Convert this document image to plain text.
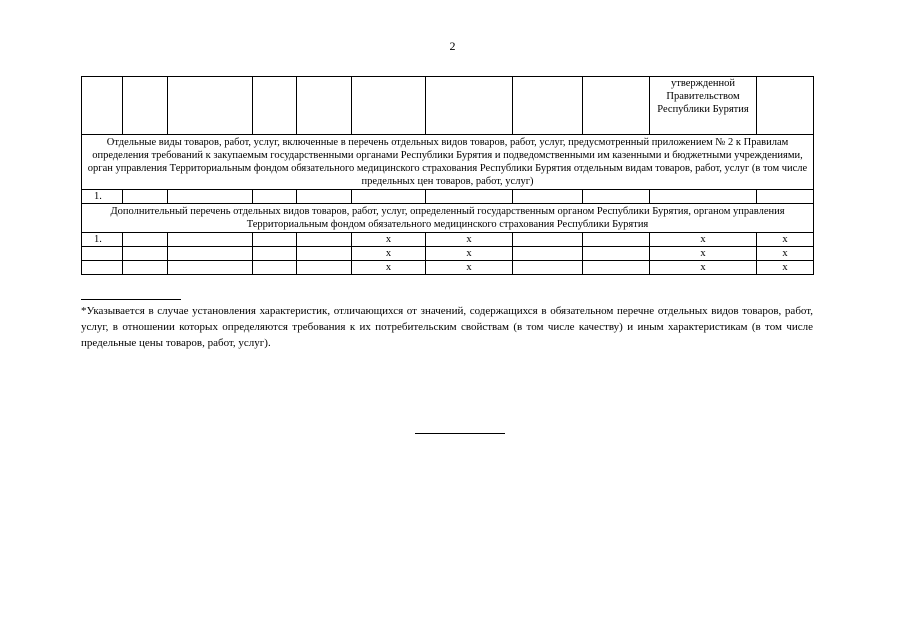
2
									утвержденной Правительством Республики Бурятия	
Отдельные виды товаров, работ, услуг, включенные в перечень отдельных видов товаров, работ, услуг, предусмотренный приложением № 2 к Правилам определения требований к закупаемым государственными органами Республики Бурятия и подведомственными им казенными и бюджетными учреждениями, орган управления Территориальным фондом обязательного медицинского страхования Республики Бурятия отдельным видам товаров, работ, услуг (в том числе предельных цен товаров, работ, услуг)										
1.										
Дополнительный перечень отдельных видов товаров, работ, услуг, определенный государственным органом Республики Бурятия, органом управления Территориальным фондом обязательного медицинского страхования Республики Бурятия										
1.					x	x			x	x
					x	x			x	x
					x	x			x	x
*Указывается в случае установления характеристик, отличающихся от значений, содержащихся в обязательном перечне отдельных видов товаров, работ, услуг, в отношении которых определяются требования к их потребительским свойствам (в том числе качеству) и иным характеристикам (в том числе предельные цены товаров, работ, услуг).
